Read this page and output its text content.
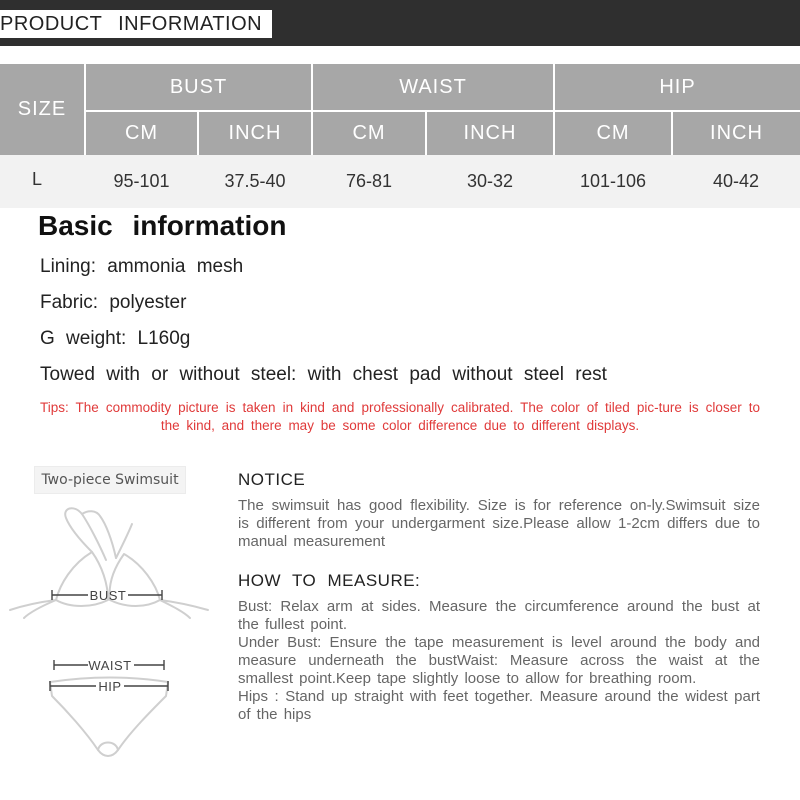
PRODUCT INFORMATION
SIZE	BUST		WAIST		HIP	
	CM	INCH	CM	INCH	CM	INCH
L	95-101	37.5-40	76-81	30-32	101-106	40-42
Basic information
Lining: ammonia mesh
Fabric: polyester
G weight: L160g
Towed with or without steel: with chest pad without steel rest
Tips: The commodity picture is taken in kind and professionally calibrated. The color of tiled pic-ture is closer to the kind, and there may be some color difference due to different displays.
Two-piece Swimsuit
BUST
WAIST
HIP
NOTICE
The swimsuit has good flexibility. Size is for reference on-ly.Swimsuit size is different from your undergarment size.Please allow 1-2cm differs due to manual measurement
HOW TO MEASURE:
Bust: Relax arm at sides. Measure the circumference around the bust at the fullest point.
Under Bust: Ensure the tape measurement is level around the body and measure underneath the bustWaist: Measure across the waist at the smallest point.Keep tape slightly loose to allow for breathing room.
Hips : Stand up straight with feet together. Measure around the widest part of the hips
